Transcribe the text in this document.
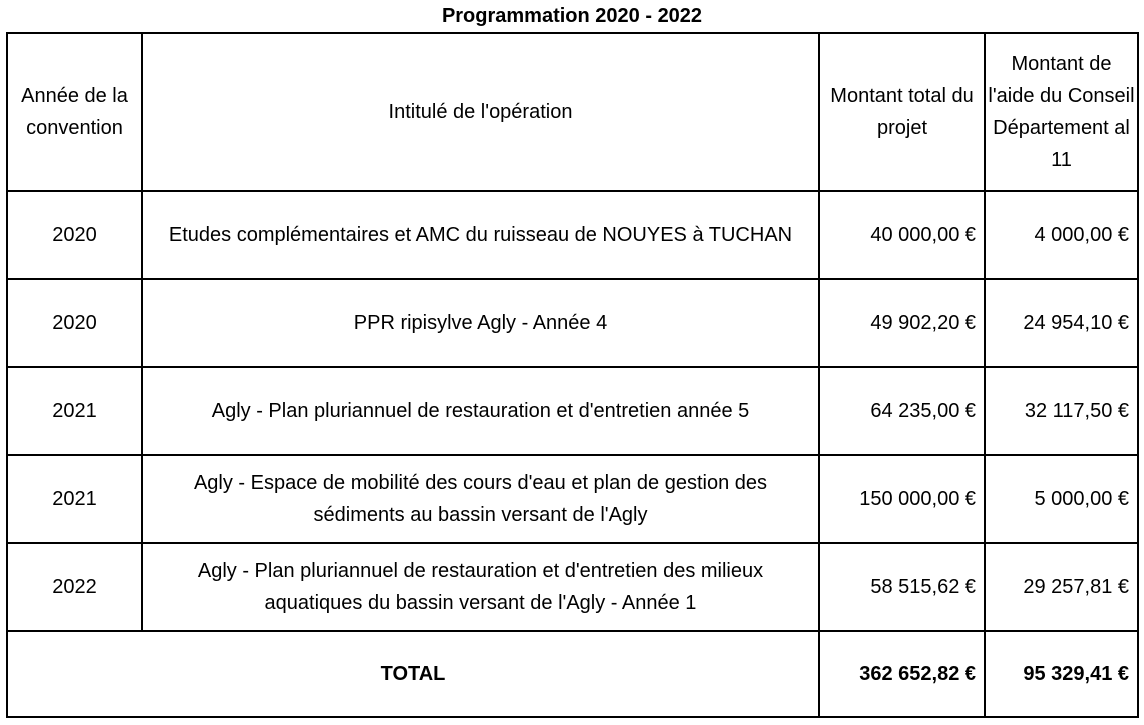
Programmation 2020 - 2022
Année de la convention	Intitulé de l'opération	Montant total du projet	Montant de l'aide du Conseil Département al 11
2020	Etudes complémentaires et AMC du ruisseau de NOUYES à TUCHAN	40 000,00 €	4 000,00 €
2020	PPR ripisylve Agly - Année 4	49 902,20 €	24 954,10 €
2021	Agly - Plan pluriannuel de restauration et d'entretien année 5	64 235,00 €	32 117,50 €
2021	Agly - Espace de mobilité des cours d'eau et plan de gestion des sédiments au bassin versant de l'Agly	150 000,00 €	5 000,00 €
2022	Agly - Plan pluriannuel de restauration et d'entretien des milieux aquatiques du bassin versant de l'Agly - Année 1	58 515,62 €	29 257,81 €
TOTAL		362 652,82 €	95 329,41 €
